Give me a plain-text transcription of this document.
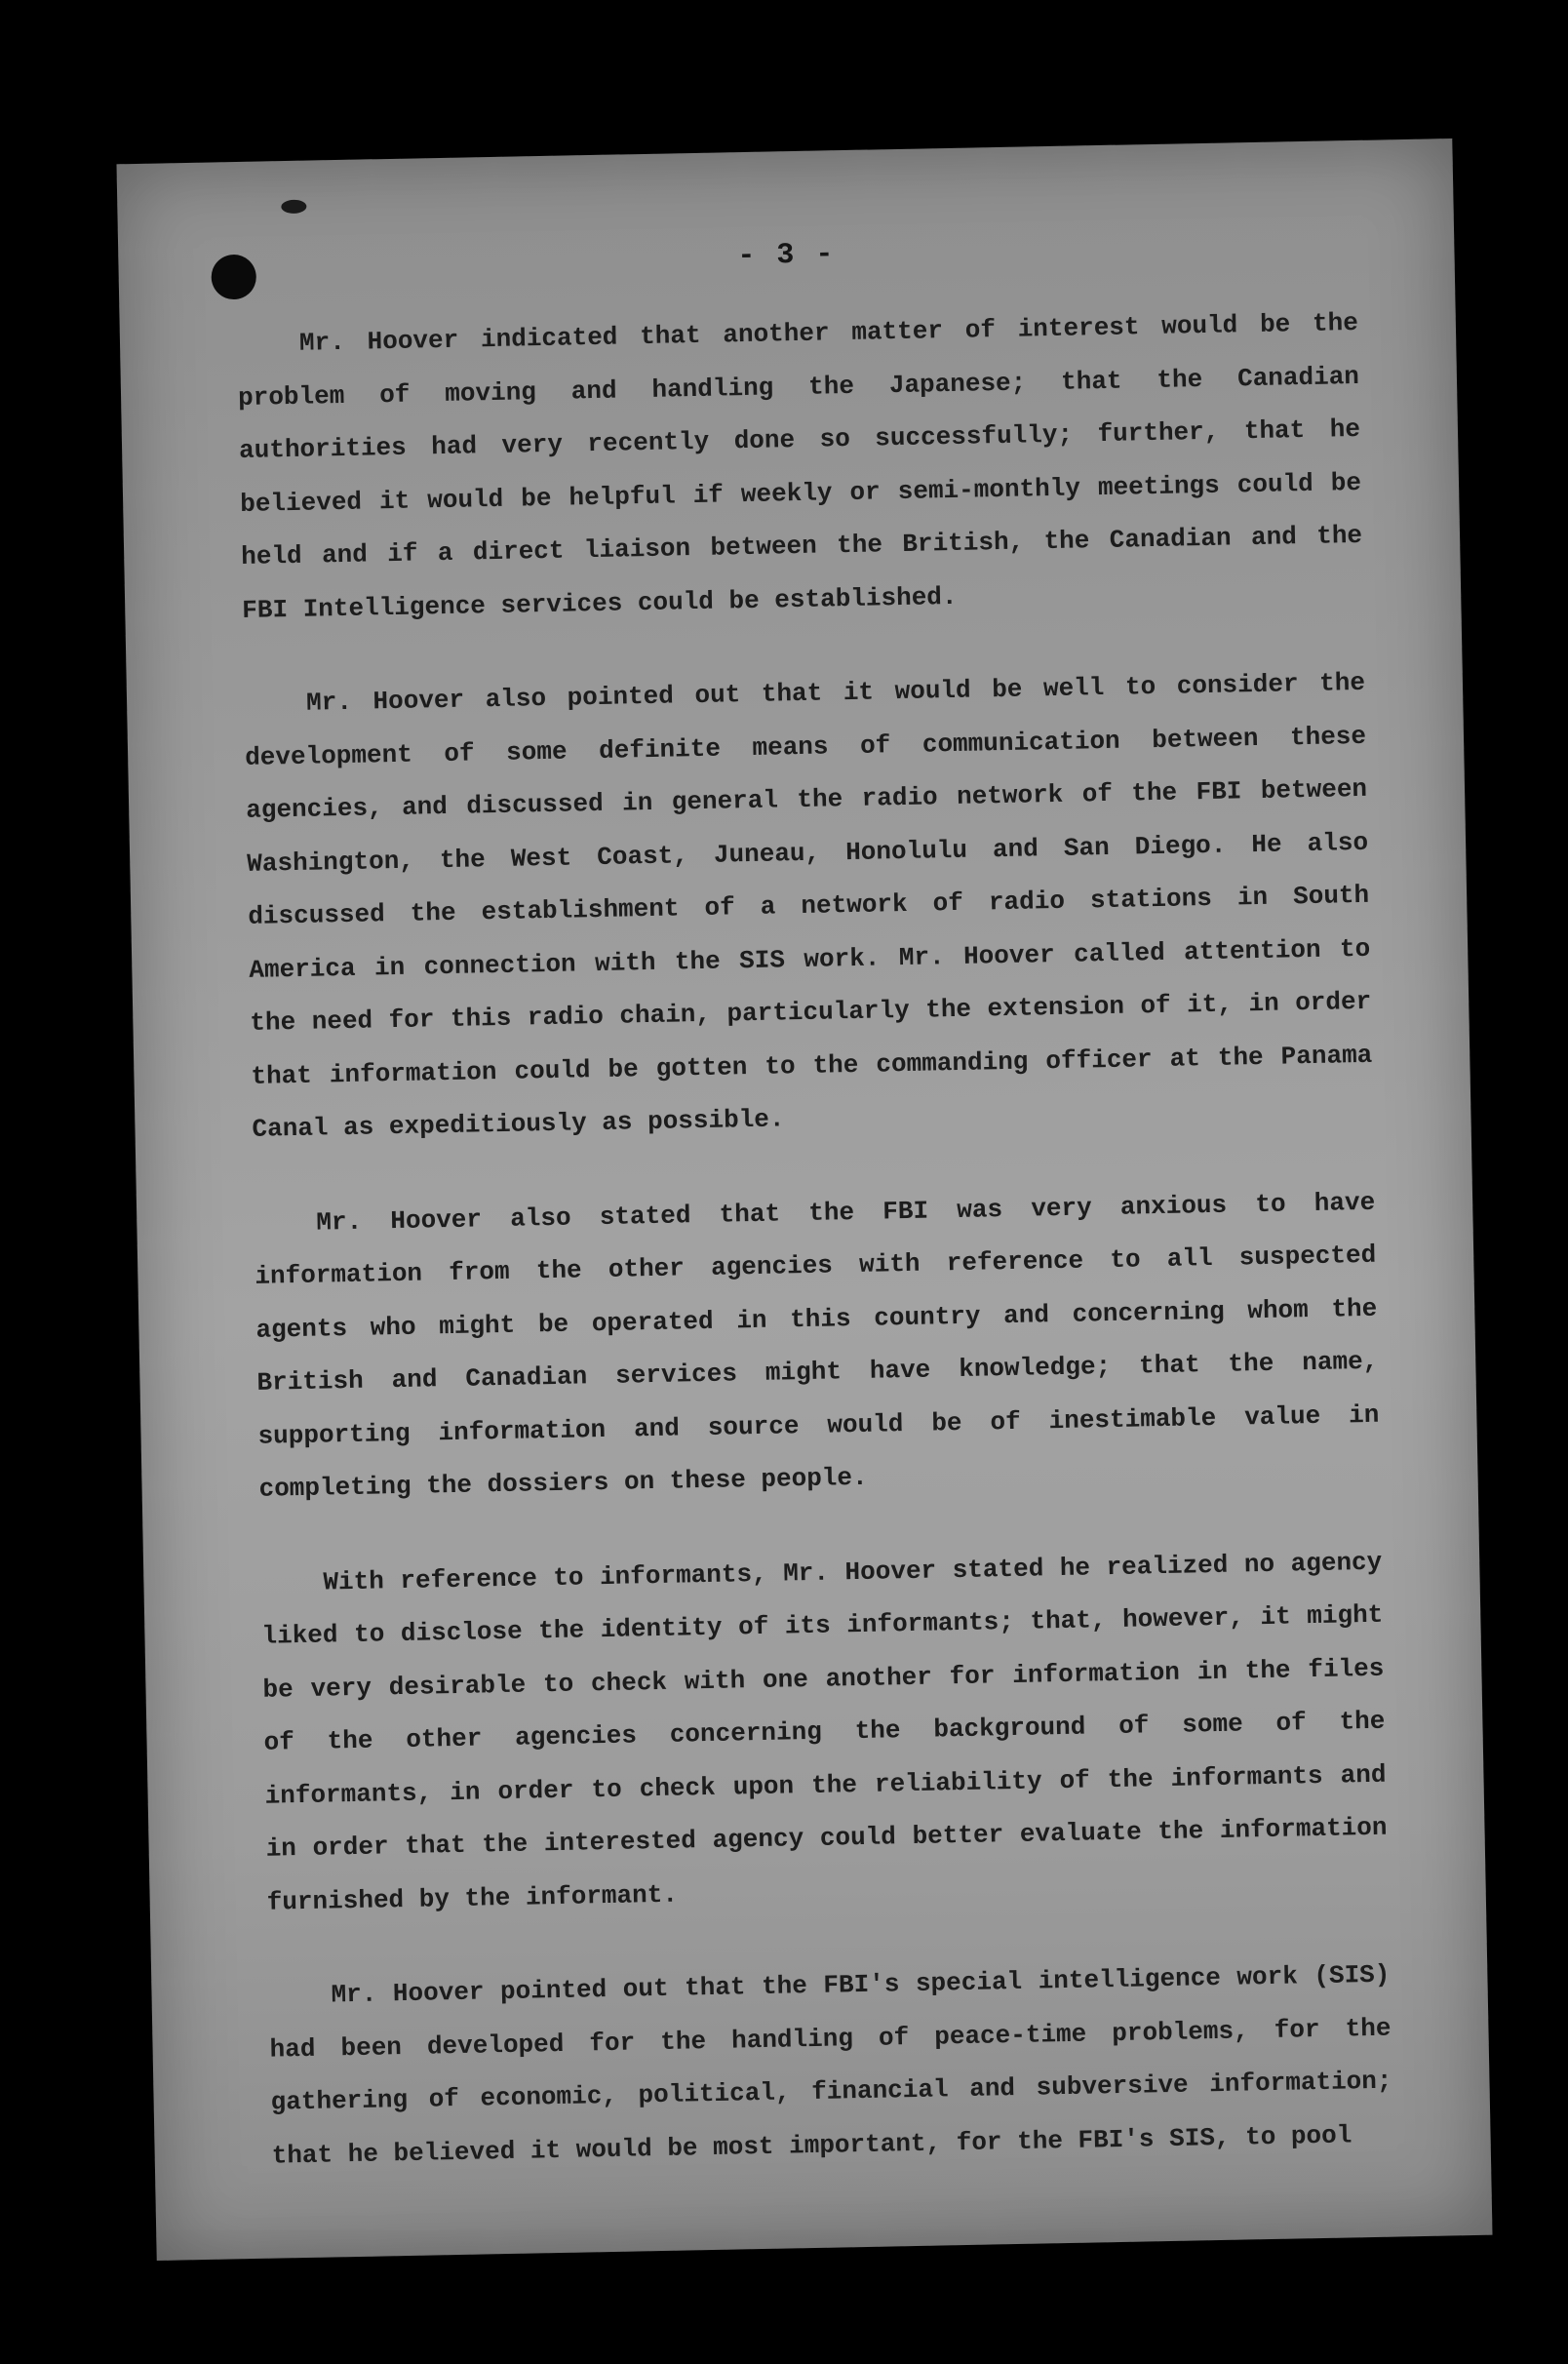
- 3 -

Mr. Hoover indicated that another matter of interest would be the problem of moving and handling the Japanese; that the Canadian authorities had very recently done so successfully; further, that he believed it would be helpful if weekly or semi-monthly meetings could be held and if a direct liaison between the British, the Canadian and the FBI Intelligence services could be established.

Mr. Hoover also pointed out that it would be well to consider the development of some definite means of communication between these agencies, and discussed in general the radio network of the FBI between Washington, the West Coast, Juneau, Honolulu and San Diego. He also discussed the establishment of a network of radio stations in South America in connection with the SIS work. Mr. Hoover called attention to the need for this radio chain, particularly the extension of it, in order that information could be gotten to the commanding officer at the Panama Canal as expeditiously as possible.

Mr. Hoover also stated that the FBI was very anxious to have information from the other agencies with reference to all suspected agents who might be operated in this country and concerning whom the British and Canadian services might have knowledge; that the name, supporting information and source would be of inestimable value in completing the dossiers on these people.

With reference to informants, Mr. Hoover stated he realized no agency liked to disclose the identity of its informants; that, however, it might be very desirable to check with one another for information in the files of the other agencies concerning the background of some of the informants, in order to check upon the reliability of the informants and in order that the interested agency could better evaluate the information furnished by the informant.

Mr. Hoover pointed out that the FBI's special intelligence work (SIS) had been developed for the handling of peace-time problems, for the gathering of economic, political, financial and subversive information; that he believed it would be most important, for the FBI's SIS, to pool
